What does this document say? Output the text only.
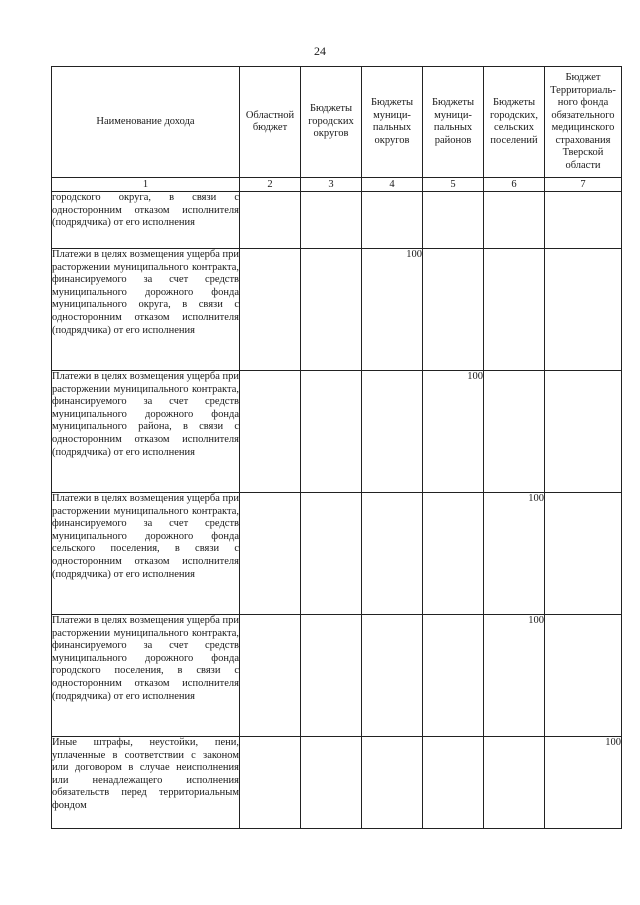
24
Наименование дохода	Областной бюджет	Бюджеты городских округов	Бюджеты муници-пальных округов	Бюджеты муници-пальных районов	Бюджеты городских, сельских поселений	Бюджет Территориаль-ного фонда обязательного медицинского страхования Тверской области
1	2	3	4	5	6	7
городского округа, в связи с односторонним отказом исполнителя (подрядчика) от его исполнения						
Платежи в целях возмещения ущерба при расторжении муниципального контракта, финансируемого за счет средств муниципального дорожного фонда муниципального округа, в связи с односторонним отказом исполнителя (подрядчика) от его исполнения			100			
Платежи в целях возмещения ущерба при расторжении муниципального контракта, финансируемого за счет средств муниципального дорожного фонда муниципального района, в связи с односторонним отказом исполнителя (подрядчика) от его исполнения				100		
Платежи в целях возмещения ущерба при расторжении муниципального контракта, финансируемого за счет средств муниципального дорожного фонда сельского поселения, в связи с односторонним отказом исполнителя (подрядчика) от его исполнения					100	
Платежи в целях возмещения ущерба при расторжении муниципального контракта, финансируемого за счет средств муниципального дорожного фонда городского поселения, в связи с односторонним отказом исполнителя (подрядчика) от его исполнения					100	
Иные штрафы, неустойки, пени, уплаченные в соответствии с законом или договором в случае неисполнения или ненадлежащего исполнения обязательств перед территориальным фондом						100
